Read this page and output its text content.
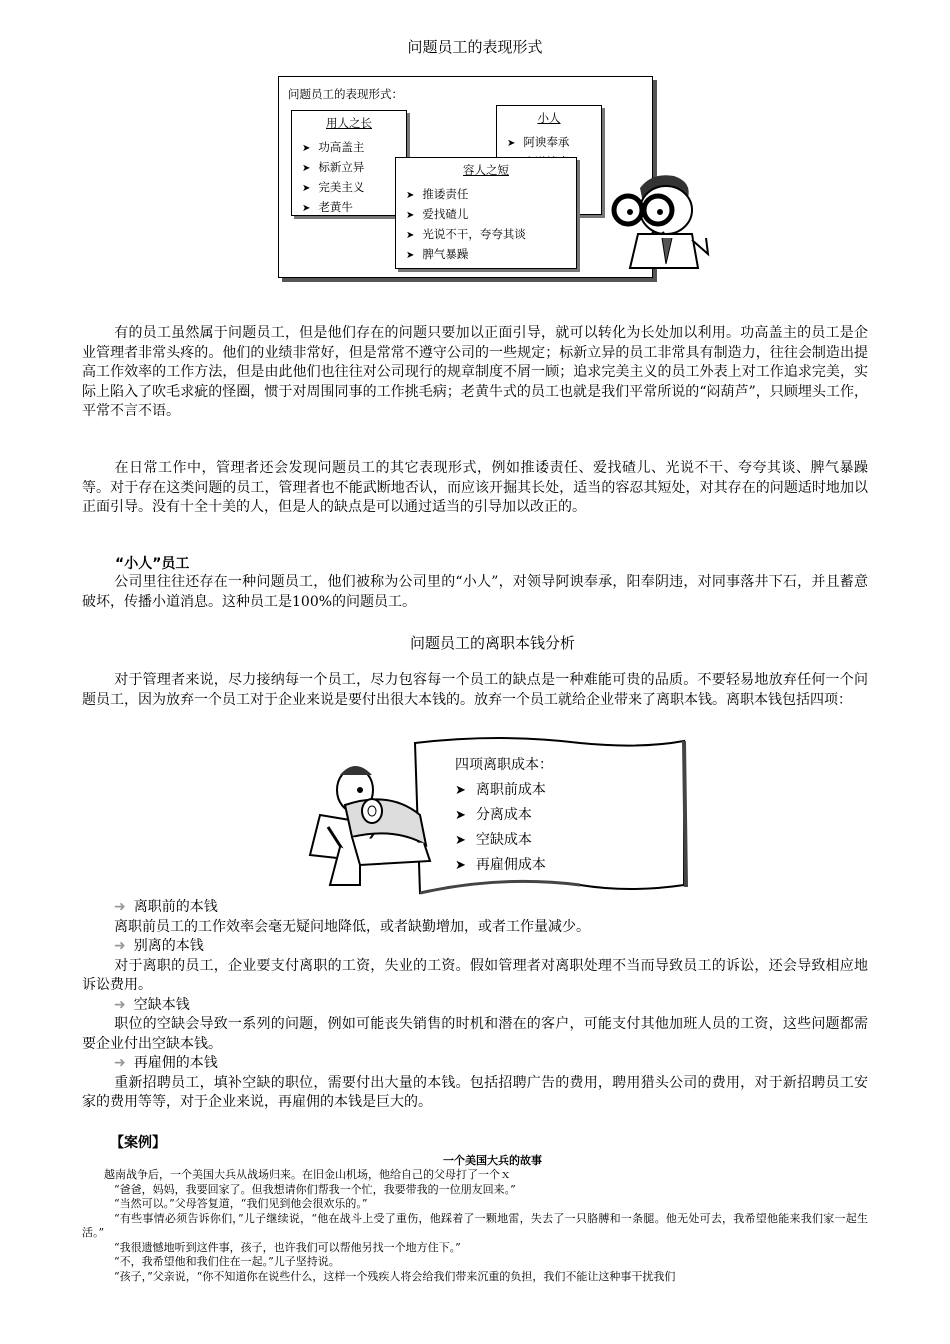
问题员工的表现形式
问题员工的表现形式：
用人之长
➤ 功高盖主
➤ 标新立异
➤ 完美主义
➤ 老黄牛
小人
➤ 阿谀奉承
➤
➤
➤
容人之短
➤ 推诿责任
➤ 爱找碴儿
➤ 光说不干，夸夸其谈
➤ 脾气暴躁
有的员工虽然属于问题员工，但是他们存在的问题只要加以正面引导，就可以转化为长处加以利用。功高盖主的员工是企业管理者非常头疼的。他们的业绩非常好，但是常常不遵守公司的一些规定；标新立异的员工非常具有制造力，往往会制造出提高工作效率的工作方法，但是由此他们也往往对公司现行的规章制度不屑一顾；追求完美主义的员工外表上对工作追求完美，实际上陷入了吹毛求疵的怪圈，惯于对周围同事的工作挑毛病；老黄牛式的员工也就是我们平常所说的“闷葫芦”，只顾埋头工作，平常不言不语。
在日常工作中，管理者还会发现问题员工的其它表现形式，例如推诿责任、爱找碴儿、光说不干、夸夸其谈、脾气暴躁等。对于存在这类问题的员工，管理者也不能武断地否认，而应该开掘其长处，适当的容忍其短处，对其存在的问题适时地加以正面引导。没有十全十美的人，但是人的缺点是可以通过适当的引导加以改正的。
“小人”员工
公司里往往还存在一种问题员工，他们被称为公司里的“小人”，对领导阿谀奉承，阳奉阴违，对同事落井下石，并且蓄意破坏，传播小道消息。这种员工是100%的问题员工。
问题员工的离职本钱分析
对于管理者来说，尽力接纳每一个员工，尽力包容每一个员工的缺点是一种难能可贵的品质。不要轻易地放弃任何一个问题员工，因为放弃一个员工对于企业来说是要付出很大本钱的。放弃一个员工就给企业带来了离职本钱。离职本钱包括四项：
四项离职成本：
➤ 离职前成本
➤ 分离成本
➤ 空缺成本
➤ 再雇佣成本
➜ 离职前的本钱
离职前员工的工作效率会毫无疑问地降低，或者缺勤增加，或者工作量减少。
➜ 别离的本钱
对于离职的员工，企业要支付离职的工资，失业的工资。假如管理者对离职处理不当而导致员工的诉讼，还会导致相应地诉讼费用。
➜ 空缺本钱
职位的空缺会导致一系列的问题，例如可能丧失销售的时机和潜在的客户，可能支付其他加班人员的工资，这些问题都需要企业付出空缺本钱。
➜ 再雇佣的本钱
重新招聘员工，填补空缺的职位，需要付出大量的本钱。包括招聘广告的费用，聘用猎头公司的费用，对于新招聘员工安家的费用等等，对于企业来说，再雇佣的本钱是巨大的。
【案例】
一个美国大兵的故事
越南战争后，一个美国大兵从战场归来。在旧金山机场，他给自己的父母打了一个ｘ
“爸爸，妈妈，我要回家了。但我想请你们帮我一个忙，我要带我的一位朋友回来。”
“当然可以。”父母答复道，“我们见到他会很欢乐的。”
“有些事情必须告诉你们，”儿子继续说，“他在战斗上受了重伤，他踩着了一颗地雷，失去了一只胳膊和一条腿。他无处可去，我希望他能来我们家一起生活。”
“我很遗憾地听到这件事，孩子，也许我们可以帮他另找一个地方住下。”
“不，我希望他和我们住在一起。”儿子坚持说。
“孩子，”父亲说，“你不知道你在说些什么，这样一个残疾人将会给我们带来沉重的负担，我们不能让这种事干扰我们
